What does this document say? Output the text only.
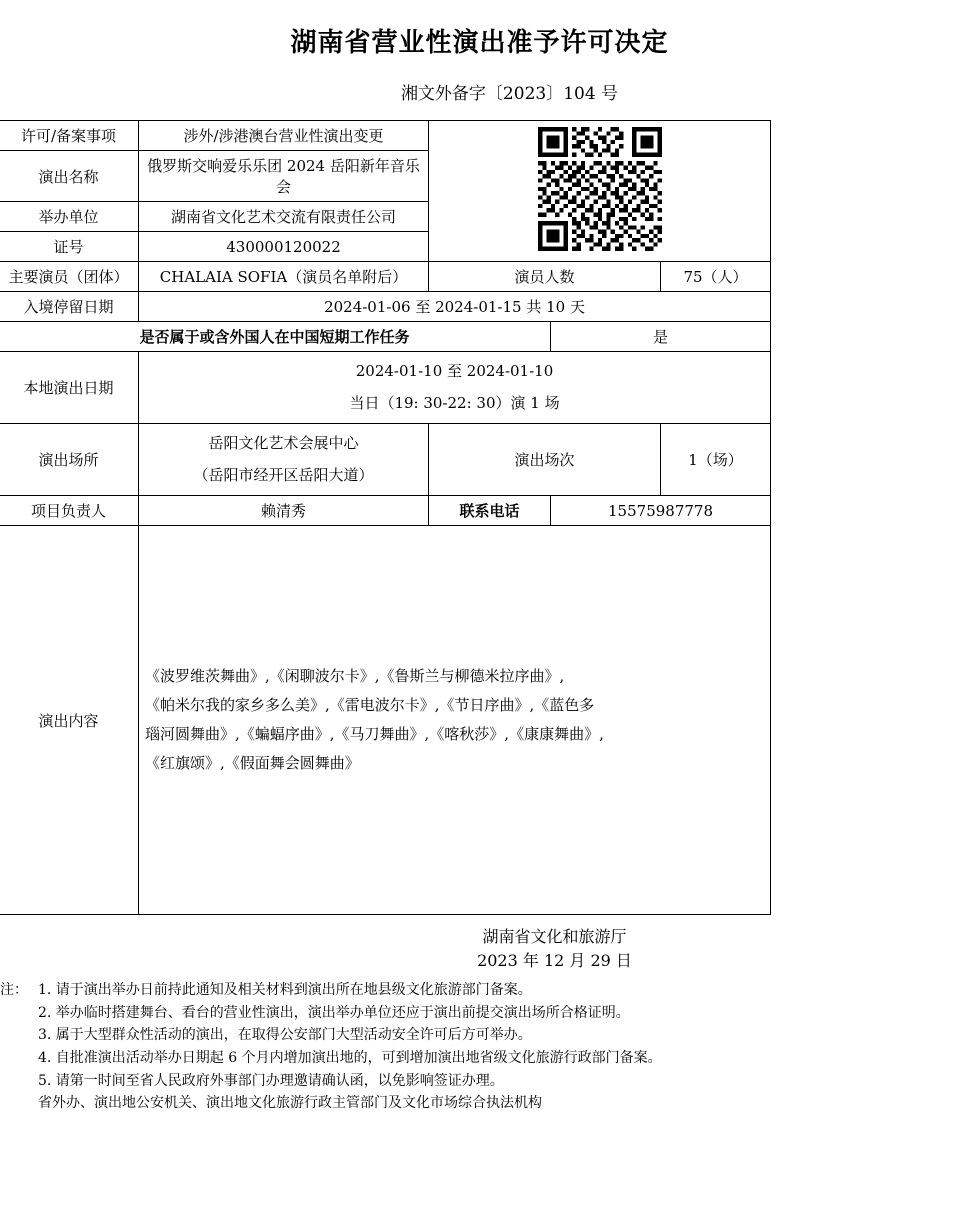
湖南省营业性演出准予许可决定
湘文外备字〔2023〕104 号
许可/备案事项	涉外/涉港澳台营业性演出变更	
演出名称	俄罗斯交响爱乐乐团 2024 岳阳新年音乐会			
举办单位	湖南省文化艺术交流有限责任公司			
证号	430000120022			
主要演员（团体）	CHALAIA SOFIA（演员名单附后）	演员人数		75（人）
入境停留日期	2024-01-06 至 2024-01-15 共 10 天			
是否属于或含外国人在中国短期工作任务			是	
本地演出日期	2024-01-10 至 2024-01-10
当日（19: 30-22: 30）演 1 场			

演出场所	岳阳文化艺术会展中心
（岳阳市经开区岳阳大道）	演出场次		1（场）
项目负责人	赖清秀	联系电话	15575987778	
演出内容	《波罗维茨舞曲》,《闲聊波尔卡》,《鲁斯兰与柳德米拉序曲》,
《帕米尔我的家乡多么美》,《雷电波尔卡》,《节日序曲》,《蓝色多
瑙河圆舞曲》,《蝙蝠序曲》,《马刀舞曲》,《喀秋莎》,《康康舞曲》,
《红旗颂》,《假面舞会圆舞曲》			
湖南省文化和旅游厅
2023 年 12 月 29 日
注： 1. 请于演出举办日前持此通知及相关材料到演出所在地县级文化旅游部门备案。
2. 举办临时搭建舞台、看台的营业性演出，演出举办单位还应于演出前提交演出场所合格证明。
3. 属于大型群众性活动的演出，在取得公安部门大型活动安全许可后方可举办。
4. 自批准演出活动举办日期起 6 个月内增加演出地的，可到增加演出地省级文化旅游行政部门备案。
5. 请第一时间至省人民政府外事部门办理邀请确认函，以免影响签证办理。
省外办、演出地公安机关、演出地文化旅游行政主管部门及文化市场综合执法机构
